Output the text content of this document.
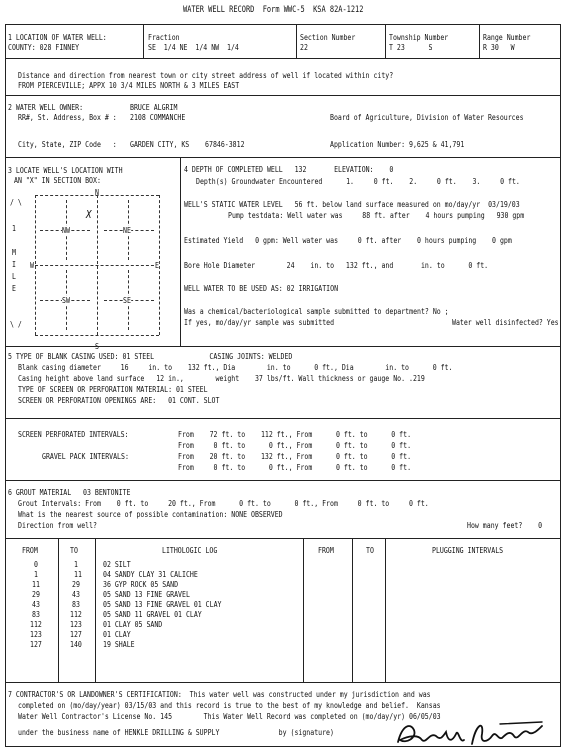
WATER WELL RECORD  Form WWC-5  KSA 82A-1212
1 LOCATION OF WATER WELL:
COUNTY: 028 FINNEY
Fraction
SE  1/4 NE  1/4 NW  1/4
Section Number
22
Township Number
T 23      S
Range Number
R 30   W
Distance and direction from nearest town or city street address of well if located within city?
FROM PIERCEVILLE; APPX 10 3/4 MILES NORTH & 3 MILES EAST
2 WATER WELL OWNER:	BRUCE ALGRIM
RR#, St. Address, Box # : 2108 COMMANCHE	Board of Agriculture, Division of Water Resources
City, State, ZIP Code   : GARDEN CITY, KS    67846-3812	Application Number: 9,625 & 41,791
3 LOCATE WELL'S LOCATION WITH
AN "X" IN SECTION BOX:
N
NW	NE
SW	SE
W	E
X
/ \
1
M
I
L
E
\ /
4 DEPTH OF COMPLETED WELL   132       ELEVATION:    0
Depth(s) Groundwater Encountered      1.     0 ft.    2.     0 ft.    3.     0 ft.
WELL'S STATIC WATER LEVEL   56 ft. below land surface measured on mo/day/yr  03/19/03
Pump testdata: Well water was     88 ft. after    4 hours pumping   930 gpm
Estimated Yield   0 gpm: Well water was     0 ft. after    0 hours pumping    0 gpm
Bore Hole Diameter        24    in. to   132 ft., and       in. to      0 ft.
WELL WATER TO BE USED AS: 02 IRRIGATION
Was a chemical/bacteriological sample submitted to department? No ;
If yes, mo/day/yr sample was submitted	Water well disinfected? Yes
5 TYPE OF BLANK CASING USED: 01 STEEL              CASING JOINTS: WELDED
Blank casing diameter     16     in. to    132 ft., Dia        in. to      0 ft., Dia        in. to      0 ft.
Casing height above land surface   12 in.,        weight    37 lbs/ft. Wall thickness or gauge No. .219
TYPE OF SCREEN OR PERFORATION MATERIAL: 01 STEEL
SCREEN OR PERFORATION OPENINGS ARE:   01 CONT. SLOT
SCREEN PERFORATED INTERVALS:	From    72 ft. to    112 ft., From      0 ft. to      0 ft.
From     0 ft. to      0 ft., From      0 ft. to      0 ft.
GRAVEL PACK INTERVALS:	From    20 ft. to    132 ft., From      0 ft. to      0 ft.
From     0 ft. to      0 ft., From      0 ft. to      0 ft.
6 GROUT MATERIAL   03 BENTONITE
Grout Intervals: From    0 ft. to     20 ft., From      0 ft. to      0 ft., From     0 ft. to     0 ft.
What is the nearest source of possible contamination: NONE OBSERVED
Direction from well?	How many feet?    0
FROM	TO	LITHOLOGIC LOG	FROM	TO	PLUGGING INTERVALS
0	1	02 SILT
1	11	04 SANDY CLAY 31 CALICHE
11	29	36 GYP ROCK 05 SAND
29	43	05 SAND 13 FINE GRAVEL
43	83	05 SAND 13 FINE GRAVEL 01 CLAY
83	112	05 SAND 11 GRAVEL 01 CLAY
112	123	01 CLAY 05 SAND
123	127	01 CLAY
127	140	19 SHALE
7 CONTRACTOR'S OR LANDOWNER'S CERTIFICATION:  This water well was constructed under my jurisdiction and was
completed on (mo/day/year) 03/15/03 and this record is true to the best of my knowledge and belief.  Kansas
Water Well Contractor's License No. 145        This Water Well Record was completed on (mo/day/yr) 06/05/03
under the business name of HENKLE DRILLING & SUPPLY               by (signature)
